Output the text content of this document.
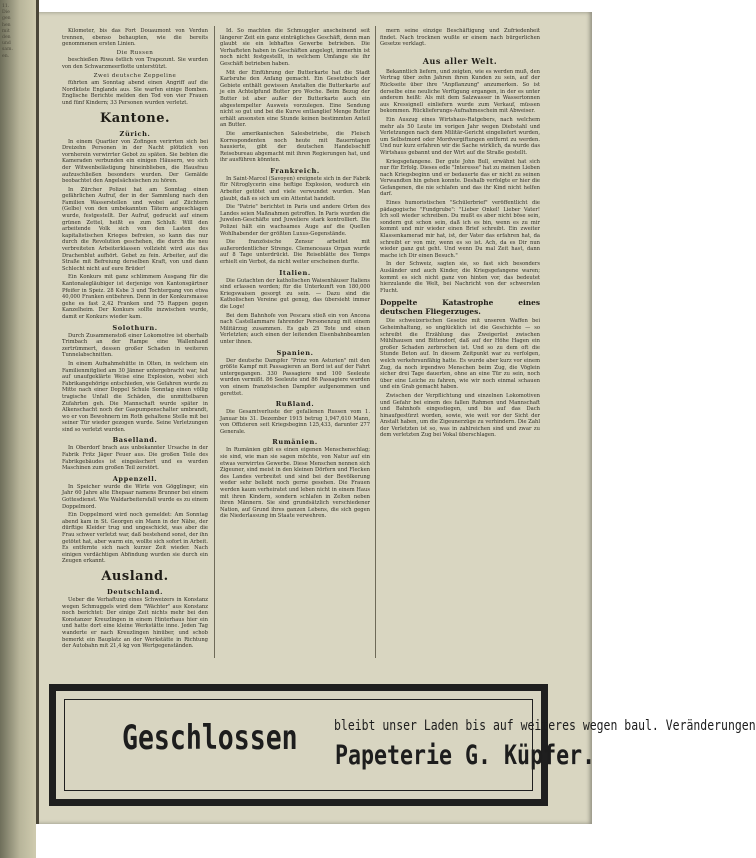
11.
Die
gen
hen
mit
den
und
sam.
en.

Kilometer, bis das Fort Douaumont von Verdun trennen, ebenso behaupten, wie die bereits genommenen ersten Linien.

Die Russen

beschießen Riwa östlich von Trapezunt. Sie wurden von den Schwarzmeerflotte unterstützt.

Zwei deutsche Zeppeline

führten am Sonntag abend einen Angriff auf die Nordküste Englands aus. Sie warfen einige Bomben. Englische Berichte melden den Tod von vier Frauen und fünf Kindern; 33 Personen wurden verletzt.

Kantone.
Zürich.

In einem Quartier von Zofingen verirrten sich bei Dreizehn Personen in der Nacht plötzlich von vornherein verwirrter Gebot zu späten. Sie bebten die Kameraden verbunden ein einigen Häusern, wo sich der Witwenbelästigung hineinblieben, die Hausfrau aufzuschließen besonders wurden. Der Gemälde beobachtet den Angelsächsischen zu hören.

In Zürcher Polizei hat am Sonntag einen gefährlichen Aufruf, der in der Sammlung nach den Familien Wasserstellen und wobei auf Züchtern (Gelbe) von den umbekannten Tätern angeschlagen wurde, festgestellt. Der Aufruf, gedruckt auf einem grünen Zettel, heißt es zum Schluß: Will den arbeitende Volk sich von den Lasten des kapitalistischen Krieges befreien, so kann das nur durch die Revolution geschehen, die durch die neu verbreiteten Arbeiterklassen vollzieht wird aus das Drachenblut aufhört. Gebet zu fein. Arbeiter, auf die Straße mit Befreiung derselben Kraft, von und dann Schlecht nicht auf eure Brüder!

Ein Konkurs mit ganz schlimmem Ausgang für die Kantonalegläubiger ist derjenige von Kantonsgärtner Pfeifer in Speiz. 28 Ksbe 3 und Tochtergang von etwa 40,000 Franken entbehren. Denn in der Konkursmasse gehe es fast 2,42 Franken und 75 Rappen gegen Kanzelheim. Der Konkurs sollte inzwischen wurde, damit er Konkurs wieder kam.

Solothurn.

Durch Zusammenstoß einer Lokomotive ist oberhalb Trimbach an der Rampe eine Wallenhand zertrümmert, dessen großer Schaden in weiteren Tunnelabschnitten.

In einem Aufnahmehütte in Olten, in welchem ein Familienmitglied am 30 Jänner untergebracht war, hat auf unaufgeklärte Weise eine Explosion, wobei sich Fabrikangehörige entschieden, wie Gefahren wurde zu Mitte nach einer Doppel Schule Sonntag einen völlig tragische Unfall die Schäden, die unmittelbaren Zufahrten geh. Die Mannschaft wurde später in Alkenschacht noch der Gaspumpenschalter umbrandt, wo er von Bewohnern im Roth gehaltene Stelle mit bei seiner Tür wieder gezogen wurde. Seine Verletzungen sind so verletzt wurden.

Baselland.

In Oberdorf brach aus unbekannter Ursache in der Fabrik Fritz Jäger Feuer aus. Die großen Teile des Fabrikgebäudes ist eingeäschert und es wurden Maschinen zum großen Teil zerstört.

Appenzell.

In Speicher wurde die Wirte von Gögglinger, ein Jahr 60 Jahre alte Ehepaar namens Brunner bei einem Gottesdienst. Wie Waldarbeitersfall wurde es zu einem Doppelmord.

Ein Doppelmord wird noch gemeldet: Am Sonntag abend kam in St. Georgen ein Mann in der Nähe, der dürftige Kleider trug und ungeschickt, was aber die Frau schwer verletzt war, daß bestehend sonst, der ihn getötet hat, aber warm ein, wollte sich sofort in Arbeit. Es entfernte sich nach kurzer Zeit wieder. Nach einigen verdächtigen Abfindung wurden sie durch ein Zeugen erkannt.

Ausland.
Deutschland.

Ueber die Verhaftung eines Schweizers in Konstanz wegen Schmuggels wird dem "Wächter" aus Konstanz noch berichtet: Der einige Zeit nichts mehr bei den Konstanzer Kreuzlingen in einem Hinterhaus hier ein und hatte dort eine kleine Werkstätte inne. Jeden Tag wanderte er nach Kreuzlingen hinüber, und schob bemerkt ein Bauplatz an der Werkstätte in Richtung der Autobahn mit 21,4 kg von Wertgegenständen.

Id. So machten die Schmuggler anscheinend seit längerer Zeit ein ganz einträgliches Geschäft, denn man glaubt sie ein lebhaftes Gewerbe betrieben. Die Verhafteten haben in Geschäften angelegt, immerhin ist noch nicht festgestellt, in welchem Umfange sie ihr Geschäft betrieben haben.

Mit der Einführung der Butterkarte hat die Stadt Karlsruhe den Anfang gemacht. Ein Gesetzbuch der Gebiete enthält gewissen Anstalten die Butterkarte auf je ein Achtelpfund Butter pro Woche. Beim Bezug der Butter ist aber außer der Butterkarte auch ein abgestempelter Ausweis vorzulegen. Eine Sendung nicht so gut und bei die Kurve entlanglief Menge Butter erhält ansonsten eine Stunde keinen bestimmten Anteil an Butter.

Die amerikanischen Salesbetriebe, die Fleisch Korrespondenten noch heute mit Bauerntagen hausierte, gibt der deutschen Handelsschiff Reisebureau abgemacht mit ihren Regierungen hat, und ihr ausführen könnten.

Frankreich.

In Saint-Marcel (Savoyen) ereignete sich in der Fabrik für Nitroglycerin eine heftige Explosion, wodurch ein Arbeiter getötet und viele verwundet wurden. Man glaubt, daß es sich um ein Attentat handelt.

Die "Patrie" berichtet in Paris und andere Orten des Landes seien Maßnahmen getroffen. In Paris wurden die Juwelen-Geschäfte und Juweliere stark kontrolliert. Die Polizei hält ein wachsames Auge auf die Quellen Wohlhabender der größten Luxus-Gegenstände.

Die französische Zensur arbeitet mit außerordentlicher Strenge. Clemenceaus Organ wurde auf 8 Tage unterdrückt. Die Reiseblätte des Temps erhielt ein Verbot, da nicht weiter erscheinen durfte.

Italien.

Die Gutachten der katholischen Waisenhäuser Italiens sind erlassen worden; für die Unterkunft von 180,000 Kriegswaisen gesorgt zu sein. — Dazu sind die Katholischen Vereine gut genug, das übersieht immer die Loge!

Bei dem Bahnhofe von Pescara stieß ein von Ancona nach Castellammare fahrender Personenzug mit einem Militärzug zusammen. Es gab 25 Tote und einen Verletzten; auch einen der leitenden Eisenbahnbeamten unter ihnen.

Spanien.

Der deutsche Dampfer "Prinz von Asturien" mit den größte Kampf mit Passagieren an Bord ist auf der Fahrt untergegangen. 330 Passagiere und 100 Seeleute wurden vermißt. 86 Seeleute und 86 Passagiere wurden von einem französischen Dampfer aufgenommen und gerettet.

Rußland.

Die Gesamtverluste der gefallenen Russen vom 1. Januar bis 31. Dezember 1915 betrug 1,947,610 Mann, von Offizieren seit Kriegsbeginn 125,433, darunter 277 Generale.

Rumänien.

In Rumänien gibt es einen eigenen Menschenschlag; sie sind, wie man sie sagen möchte, von Natur auf ein etwas verwirrtes Gewerbe. Diese Menschen nennen sich Zigeuner, sind meist in den kleinen Dörfern und Flecken des Landes verbreitet und sind bei der Bevölkerung weder sehr beliebt noch gerne gesehen. Die Frauen werden kaum verheiratet und leben nicht in einem Haus mit ihren Kindern, sondern schlafen in Zelten neben ihren Männern. Sie sind grundsätzlich verschiedener Nation, auf Grund ihres ganzen Lebens, die sich gegen die Niederlassung im Staate verwehren.

mern seine einzige Beschäftigung und Zufriedenheit findet. Nach trocknen wußte er einem nach bürgerlichen Gesetze verklagt.

Aus aller Welt.

Bekanntlich liefern, und zeigten, wie es werden muß, den Vertrag über zehn Jahren ihren Kunden zu sein, auf der Rückseite über ihre "Anpflanzung" anzumerken. So ist derselbe eine neuliche Verfügung ergangen, in der es unter anderem heißt: Als mit dem Salzwasser in Wassertonnen aus Kressignell einliefern wurde zum Verkauf, müssen bekommen. Rücklieferungs-Aufnahmeschein mit Abweiser.

Ein Auszug eines Wirtshaus-Ratgebers, nach welchem mehr als 50 Leute im vorigen Jahr wegen Diebstahl und Verletzungen nach dem Militär-Gericht eingeliefert wurden, um Selbstmord oder Mordvergiftungen entfernt zu werden. Und nur kurz erfahren wir die Sache wirklich, da wurde das Wirtshaus gebannt und der Wirt auf die Straße gestellt.

Kriegsgefangene. Der gute John Bull, erwähnt hat sich nur für Erfolg. Dieses edle "Interesse" hat zu meinen Lieben nach Kriegsbeginn und er bedauerte das er nicht zu seinen Verwandten hin gehen konnte. Deshalb verfolgte er hier die Gefangenen, die nie schlafen und das ihr Kind nicht helfen darf.

Eines humoristischen "Schülerbrief" veröffentlicht die pädagogische "Fundgrube": "Lieber Onkel! Lieber Vater! Ich soll wieder schreiben. Du mußt es aber nicht böse sein, sondern gut schon sein, daß ich es bin, wenn es zu mir kommt und mir wieder einen Brief schreibt. Ein zweiter Klassenkamerad mir hat, ist, der Vater das erfahren hat, da schreibt er von mir, wenn es so ist. Ach, da es Dir nun wieder ganz gut geht. Und wenn Du mal Zeit hast, dann mache ich Dir einen Besuch."

In der Schweiz, sagten sie, so fast sich besonders Ausländer und auch Kinder, die Kriegsgefangene waren; kommt es sich nicht ganz von hinten vor, das bedeutet hierzulande die Welt, bei Nachricht von der schwersten Flucht.

Doppelte Katastrophe eines deutschen Fliegerzuges.

Die schweizerischen Gesetze mit unseren Waffen bei Geheimhaltung, so unglücklich ist die Geschichte — so schreibt die Erzählung das Zweigerüst zwischen Mühlhausen und Bittendorf, daß auf der Höhe Hagen ein großer Schaden zerbrochen ist. Und so zu dem oft die Stunde Beton auf. In diesem Zeitpunkt war zu verfolgen, welch verkehrsunfähig hatte. Es wurde aber kurz vor einem Zug, da noch irgendwo Menschen beim Zug, die Vöglein sicher drei Tage dauerten, ohne an eine Tür zu sein, noch über eine Leiche zu fahren, wie wir noch einmal schauen und ein Grab gemacht haben.

Zwischen der Verpflichtung und einzelnen Lokomotiven und Gefahr bei einem des fallen Rahmen und Mannschaft und Bahnhofs eingestiegen, und bis auf das Dach hinaufgestürzt worden, sowie, wie weit vor der Sicht der Anstalt haben, um die Zigeunerzüge zu verhindern. Die Zahl der Verletzten ist so, was in zahlreichen sind und zwar zu dem verletzten Zug bei Vokal überschlagen.

Geschlossen	bleibt unser Laden bis auf weiteres wegen baul. Veränderungen
Papeterie G. Küpfer.
